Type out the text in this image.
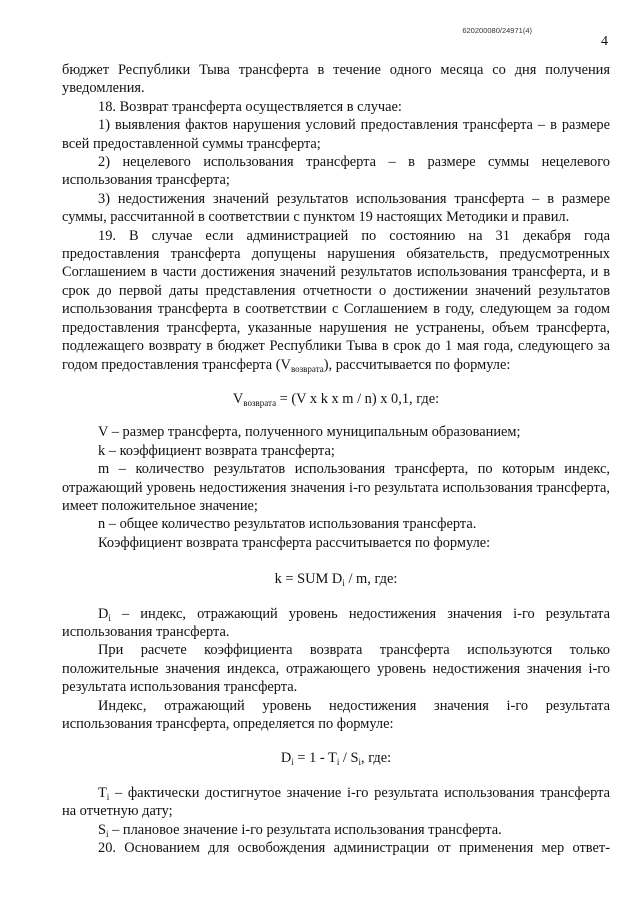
620200080/24971(4)
4

бюджет Республики Тыва трансферта в течение одного месяца со дня получения уведомления.

18. Возврат трансферта осуществляется в случае:

1) выявления фактов нарушения условий предоставления трансферта – в размере всей предоставленной суммы трансферта;

2) нецелевого использования трансферта – в размере суммы нецелевого использования трансферта;

3) недостижения значений результатов использования трансферта – в размере суммы, рассчитанной в соответствии с пунктом 19 настоящих Методики и правил.

19. В случае если администрацией по состоянию на 31 декабря года предоставления трансферта допущены нарушения обязательств, предусмотренных Соглашением в части достижения значений результатов использования трансферта, и в срок до первой даты представления отчетности о достижении значений результатов использования трансферта в соответствии с Соглашением в году, следующем за годом предоставления трансферта, указанные нарушения не устранены, объем трансферта, подлежащего возврату в бюджет Республики Тыва в срок до 1 мая года, следующего за годом предоставления трансферта $(V_{возврата})$, рассчитывается по формуле:

$V_{возврата} = (V$ x k x m / n) x 0,1, где:

V – размер трансферта, полученного муниципальным образованием;

k – коэффициент возврата трансферта;

m – количество результатов использования трансферта, по которым индекс, отражающий уровень недостижения значения i-го результата использования трансферта, имеет положительное значение;

n – общее количество результатов использования трансферта.

Коэффициент возврата трансферта рассчитывается по формуле:

k = SUM $D_i$ / m, где:

$D_i$ – индекс, отражающий уровень недостижения значения i-го результата использования трансферта.

При расчете коэффициента возврата трансферта используются только положительные значения индекса, отражающего уровень недостижения значения i-го результата использования трансферта.

Индекс, отражающий уровень недостижения значения i-го результата использования трансферта, определяется по формуле:

$D_i = 1 - T_i / S_i$, где:

$T_i$ – фактически достигнутое значение i-го результата использования трансферта на отчетную дату;

$S_i$ – плановое значение i-го результата использования трансферта.

20. Основанием для освобождения администрации от применения мер ответ-
